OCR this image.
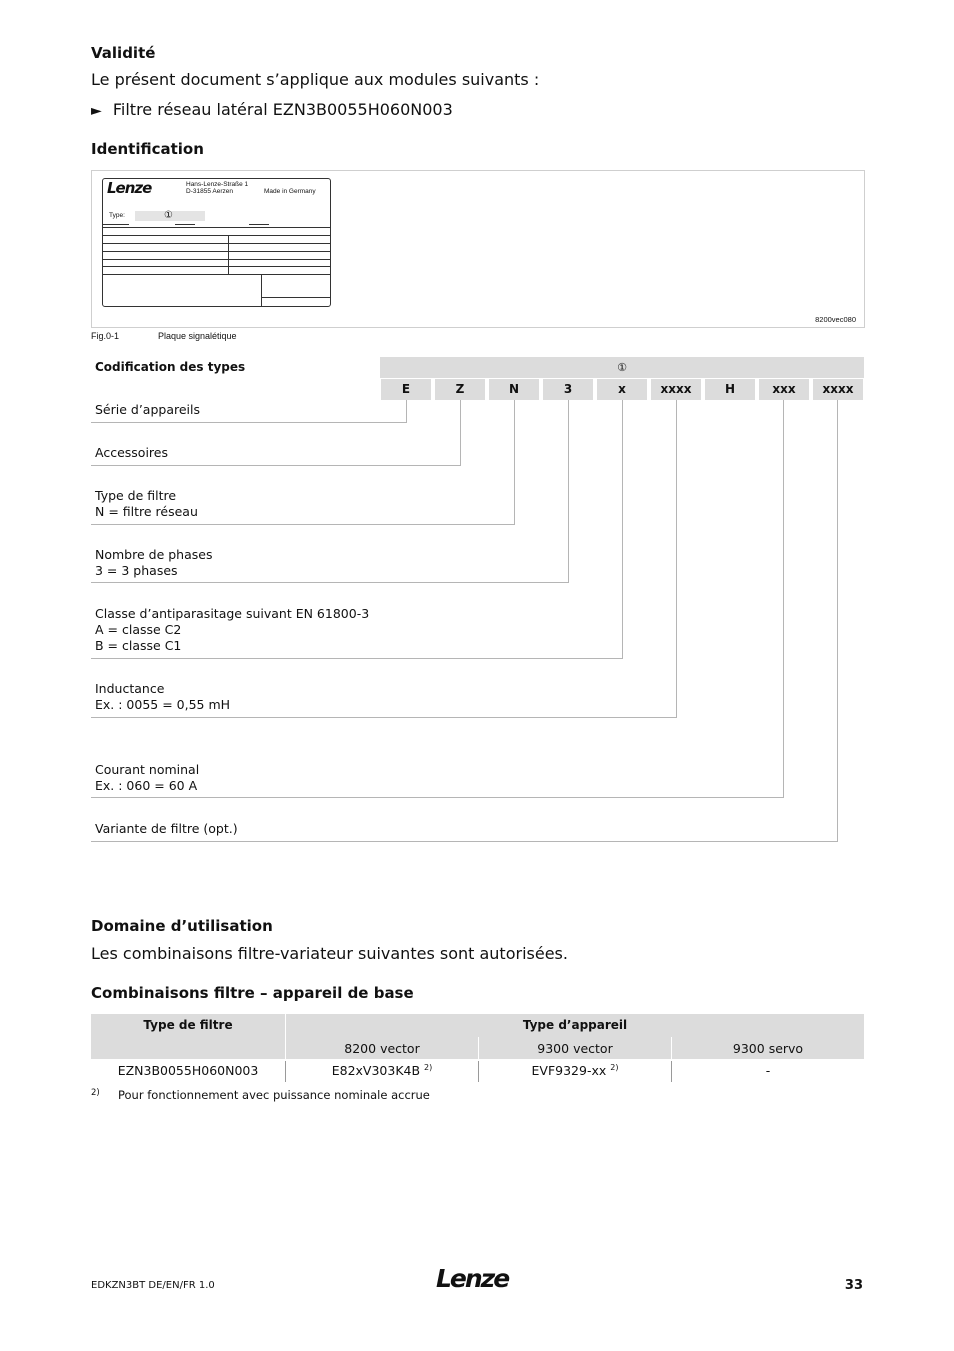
Validité
Le présent document s’applique aux modules suivants :
► Filtre réseau latéral EZN3B0055H060N003
Identification
8200vec080
Lenze	Hans-Lenze-Straße 1
D-31855 Aerzen	Made in Germany
Type:	①
Fig.0-1	Plaque signalétique
Codification des types	①
E	Z	N	3	x	xxxx	H	xxx	xxxx
Série d’appareils
Accessoires
Type de filtre
N = filtre réseau
Nombre de phases
3 = 3 phases
Classe d’antiparasitage suivant EN 61800-3
A = classe C2
B = classe C1
Inductance
Ex. : 0055 = 0,55 mH
Courant nominal
Ex. : 060 = 60 A
Variante de filtre (opt.)
Domaine d’utilisation
Les combinaisons filtre-variateur suivantes sont autorisées.
Combinaisons filtre – appareil de base
Type de filtre	Type d’appareil
8200 vector	9300 vector	9300 servo
EZN3B0055H060N003	E82xV303K4B $^{2)}$	EVF9329-xx $^{2)}$	-
2) Pour fonctionnement avec puissance nominale accrue
EDKZN3BT DE/EN/FR 1.0	Lenze	33
